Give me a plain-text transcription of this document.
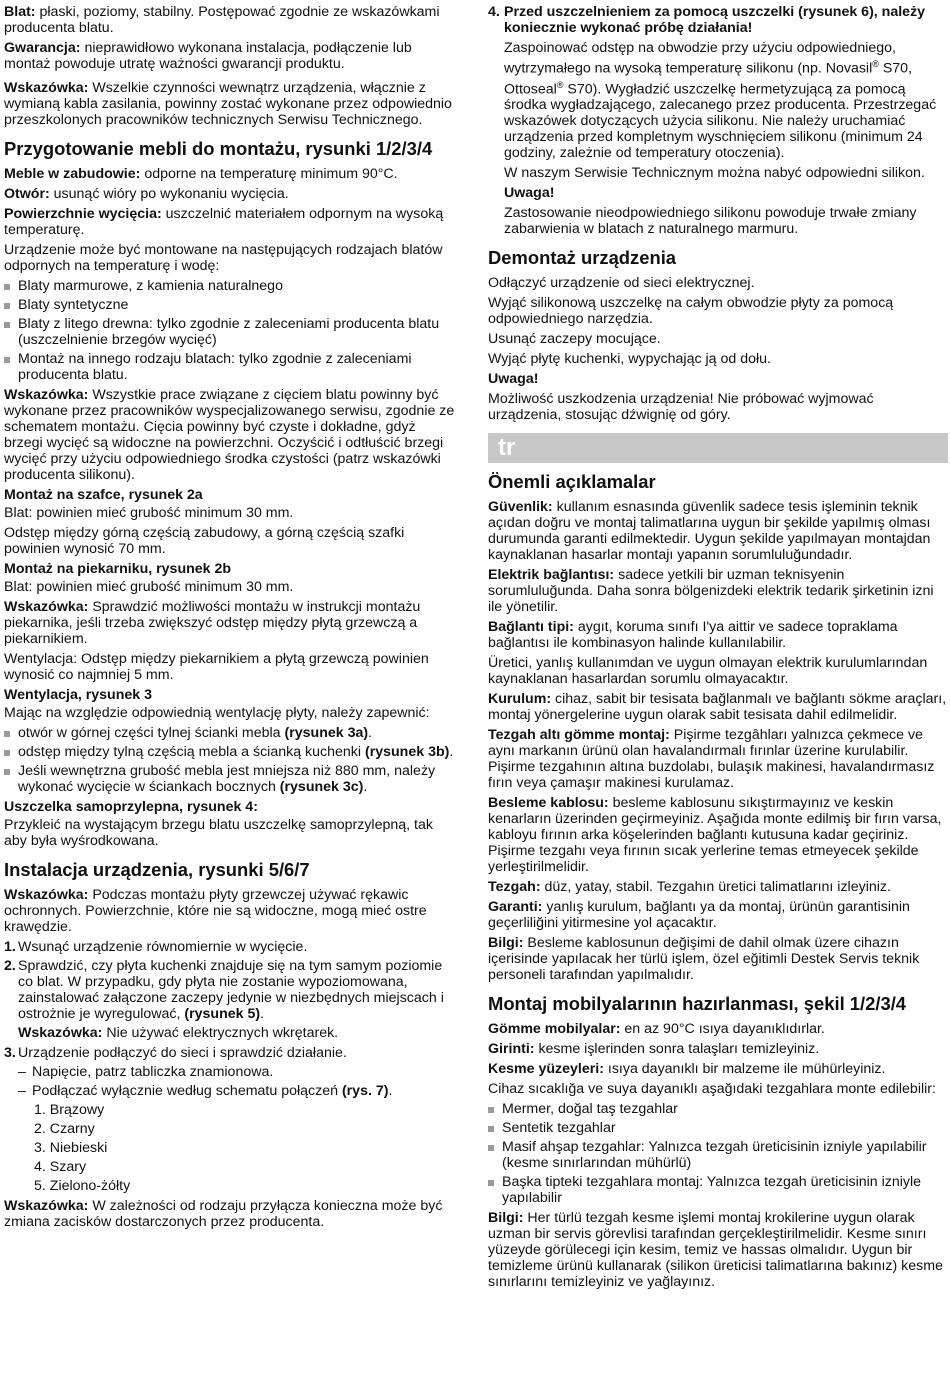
Blat: płaski, poziomy, stabilny. Postępować zgodnie ze wskazówkami producenta blatu.

Gwarancja: nieprawidłowo wykonana instalacja, podłączenie lub montaż powoduje utratę ważności gwarancji produktu.

Wskazówka: Wszelkie czynności wewnątrz urządzenia, włącznie z wymianą kabla zasilania, powinny zostać wykonane przez odpowiednio przeszkolonych pracowników technicznych Serwisu Technicznego.

Przygotowanie mebli do montażu, rysunki 1/2/3/4

Meble w zabudowie: odporne na temperaturę minimum 90°C.

Otwór: usunąć wióry po wykonaniu wycięcia.

Powierzchnie wycięcia: uszczelnić materiałem odpornym na wysoką temperaturę.

Urządzenie może być montowane na następujących rodzajach blatów odpornych na temperaturę i wodę:

Blaty marmurowe, z kamienia naturalnego
Blaty syntetyczne
Blaty z litego drewna: tylko zgodnie z zaleceniami producenta blatu (uszczelnienie brzegów wycięć)
Montaż na innego rodzaju blatach: tylko zgodnie z zaleceniami producenta blatu.

Wskazówka: Wszystkie prace związane z cięciem blatu powinny być wykonane przez pracowników wyspecjalizowanego serwisu, zgodnie ze schematem montażu. Cięcia powinny być czyste i dokładne, gdyż brzegi wycięć są widoczne na powierzchni. Oczyścić i odtłuścić brzegi wycięć przy użyciu odpowiedniego środka czystości (patrz wskazówki producenta silikonu).

Montaż na szafce, rysunek 2a

Blat: powinien mieć grubość minimum 30 mm.

Odstęp między górną częścią zabudowy, a górną częścią szafki powinien wynosić 70 mm.

Montaż na piekarniku, rysunek 2b

Blat: powinien mieć grubość minimum 30 mm.

Wskazówka: Sprawdzić możliwości montażu w instrukcji montażu piekarnika, jeśli trzeba zwiększyć odstęp między płytą grzewczą a piekarnikiem.

Wentylacja: Odstęp między piekarnikiem a płytą grzewczą powinien wynosić co najmniej 5 mm.

Wentylacja, rysunek 3

Mając na względzie odpowiednią wentylację płyty, należy zapewnić:

otwór w górnej części tylnej ścianki mebla (rysunek 3a).
odstęp między tylną częścią mebla a ścianką kuchenki (rysunek 3b).
Jeśli wewnętrzna grubość mebla jest mniejsza niż 880 mm, należy wykonać wycięcie w ściankach bocznych (rysunek 3c).
Uszczelka samoprzylepna, rysunek 4:

Przykleić na wystającym brzegu blatu uszczelkę samoprzylepną, tak aby była wyśrodkowana.

Instalacja urządzenia, rysunki 5/6/7

Wskazówka: Podczas montażu płyty grzewczej używać rękawic ochronnych. Powierzchnie, które nie są widoczne, mogą mieć ostre krawędzie.

1. Wsunąć urządzenie równomiernie w wycięcie.
2. Sprawdzić, czy płyta kuchenki znajduje się na tym samym poziomie co blat. W przypadku, gdy płyta nie zostanie wypoziomowana, zainstalować załączone zaczepy jedynie w niezbędnych miejscach i ostrożnie je wyregulować, (rysunek 5).

Wskazówka: Nie używać elektrycznych wkrętarek.

3. Urządzenie podłączyć do sieci i sprawdzić działanie.
– Napięcie, patrz tabliczka znamionowa.
– Podłączać wyłącznie według schematu połączeń (rys. 7).
1. Brązowy
2. Czarny
3. Niebieski
4. Szary
5. Zielono-żółty

Wskazówka: W zależności od rodzaju przyłącza konieczna może być zmiana zacisków dostarczonych przez producenta.

4. Przed uszczelnieniem za pomocą uszczelki (rysunek 6), należy koniecznie wykonać próbę działania!

Zaspoinować odstęp na obwodzie przy użyciu odpowiedniego, wytrzymałego na wysoką temperaturę silikonu (np. Novasil® S70, Ottoseal® S70). Wygładzić uszczelkę hermetyzującą za pomocą środka wygładzającego, zalecanego przez producenta. Przestrzegać wskazówek dotyczących użycia silikonu. Nie należy uruchamiać urządzenia przed kompletnym wyschnięciem silikonu (minimum 24 godziny, zależnie od temperatury otoczenia).

W naszym Serwisie Technicznym można nabyć odpowiedni silikon.

Uwaga!

Zastosowanie nieodpowiedniego silikonu powoduje trwałe zmiany zabarwienia w blatach z naturalnego marmuru.

Demontaż urządzenia

Odłączyć urządzenie od sieci elektrycznej.

Wyjąć silikonową uszczelkę na całym obwodzie płyty za pomocą odpowiedniego narzędzia.

Usunąć zaczepy mocujące.

Wyjąć płytę kuchenki, wypychając ją od dołu.

Uwaga!

Możliwość uszkodzenia urządzenia! Nie próbować wyjmować urządzenia, stosując dźwignię od góry.

tr
Önemli açıklamalar

Güvenlik: kullanım esnasında güvenlik sadece tesis işleminin teknik açıdan doğru ve montaj talimatlarına uygun bir şekilde yapılmış olması durumunda garanti edilmektedir. Uygun şekilde yapılmayan montajdan kaynaklanan hasarlar montajı yapanın sorumluluğundadır.

Elektrik bağlantısı: sadece yetkili bir uzman teknisyenin sorumluluğunda. Daha sonra bölgenizdeki elektrik tedarik şirketinin izni ile yönetilir.

Bağlantı tipi: aygıt, koruma sınıfı I'ya aittir ve sadece topraklama bağlantısı ile kombinasyon halinde kullanılabilir.

Üretici, yanlış kullanımdan ve uygun olmayan elektrik kurulumlarından kaynaklanan hasarlardan sorumlu olmayacaktır.

Kurulum: cihaz, sabit bir tesisata bağlanmalı ve bağlantı sökme araçları, montaj yönergelerine uygun olarak sabit tesisata dahil edilmelidir.

Tezgah altı gömme montaj: Pişirme tezgâhları yalnızca çekmece ve aynı markanın ürünü olan havalandırmalı fırınlar üzerine kurulabilir. Pişirme tezgahının altına buzdolabı, bulaşık makinesi, havalandırmasız fırın veya çamaşır makinesi kurulamaz.

Besleme kablosu: besleme kablosunu sıkıştırmayınız ve keskin kenarların üzerinden geçirmeyiniz. Aşağıda monte edilmiş bir fırın varsa, kabloyu fırının arka köşelerinden bağlantı kutusuna kadar geçiriniz. Pişirme tezgahı veya fırının sıcak yerlerine temas etmeyecek şekilde yerleştirilmelidir.

Tezgah: düz, yatay, stabil. Tezgahın üretici talimatlarını izleyiniz.

Garanti: yanlış kurulum, bağlantı ya da montaj, ürünün garantisinin geçerliliğini yitirmesine yol açacaktır.

Bilgi: Besleme kablosunun değişimi de dahil olmak üzere cihazın içerisinde yapılacak her türlü işlem, özel eğitimli Destek Servis teknik personeli tarafından yapılmalıdır.

Montaj mobilyalarının hazırlanması, şekil 1/2/3/4

Gömme mobilyalar: en az 90°C ısıya dayanıklıdırlar.

Girinti: kesme işlerinden sonra talaşları temizleyiniz.

Kesme yüzeyleri: ısıya dayanıklı bir malzeme ile mühürleyiniz.

Cihaz sıcaklığa ve suya dayanıklı aşağıdaki tezgahlara monte edilebilir:

Mermer, doğal taş tezgahlar
Sentetik tezgahlar
Masif ahşap tezgahlar: Yalnızca tezgah üreticisinin izniyle yapılabilir (kesme sınırlarından mühürlü)
Başka tipteki tezgahlara montaj: Yalnızca tezgah üreticisinin izniyle yapılabilir

Bilgi: Her türlü tezgah kesme işlemi montaj krokilerine uygun olarak uzman bir servis görevlisi tarafından gerçekleştirilmelidir. Kesme sınırı yüzeyde görülecegi için kesim, temiz ve hassas olmalıdır. Uygun bir temizleme ürünü kullanarak (silikon üreticisi talimatlarına bakınız) kesme sınırlarını temizleyiniz ve yağlayınız.
